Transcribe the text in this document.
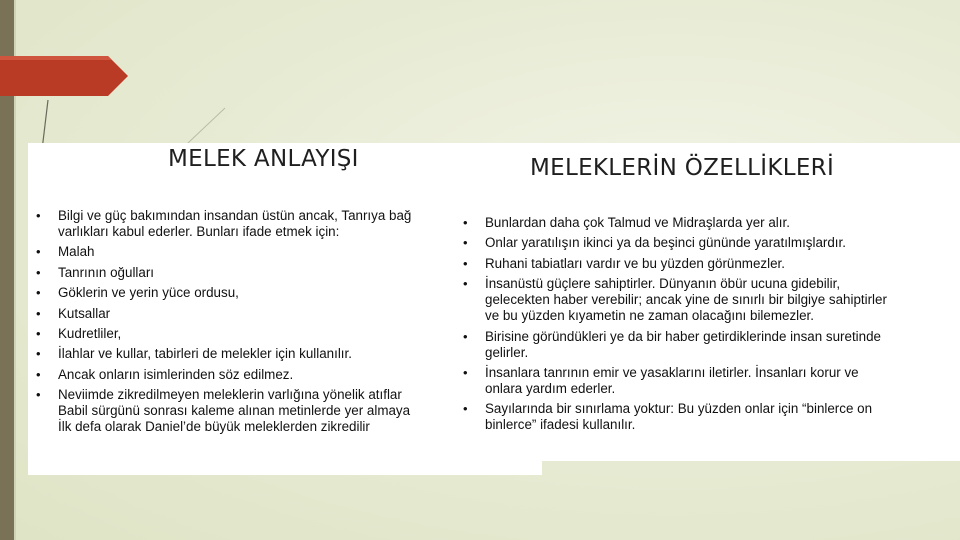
MELEK ANLAYIŞI	MELEKLERİN ÖZELLİKLERİ
• Bilgi ve güç bakımından insandan üstün ancak, Tanrıya bağ
varlıkları kabul ederler. Bunları ifade etmek için:
• Malah
• Tanrının oğulları
• Göklerin ve yerin yüce ordusu,
• Kutsallar
• Kudretliler,
• İlahlar ve kullar, tabirleri de melekler için kullanılır.
• Ancak onların isimlerinden söz edilmez.
• Neviimde zikredilmeyen meleklerin varlığına yönelik atıflar
Babil sürgünü sonrası kaleme alınan metinlerde yer almaya
İlk defa olarak Daniel’de büyük meleklerden zikredilir
• Bunlardan daha çok Talmud ve Midraşlarda yer alır.
• Onlar yaratılışın ikinci ya da beşinci gününde yaratılmışlardır.
• Ruhani tabiatları vardır ve bu yüzden görünmezler.
• İnsanüstü güçlere sahiptirler. Dünyanın öbür ucuna gidebilir,
gelecekten haber verebilir; ancak yine de sınırlı bir bilgiye sahiptirler
ve bu yüzden kıyametin ne zaman olacağını bilemezler.
• Birisine göründükleri ye da bir haber getirdiklerinde insan suretinde
gelirler.
• İnsanlara tanrının emir ve yasaklarını iletirler. İnsanları korur ve
onlara yardım ederler.
• Sayılarında bir sınırlama yoktur: Bu yüzden onlar için “binlerce on
binlerce” ifadesi kullanılır.
